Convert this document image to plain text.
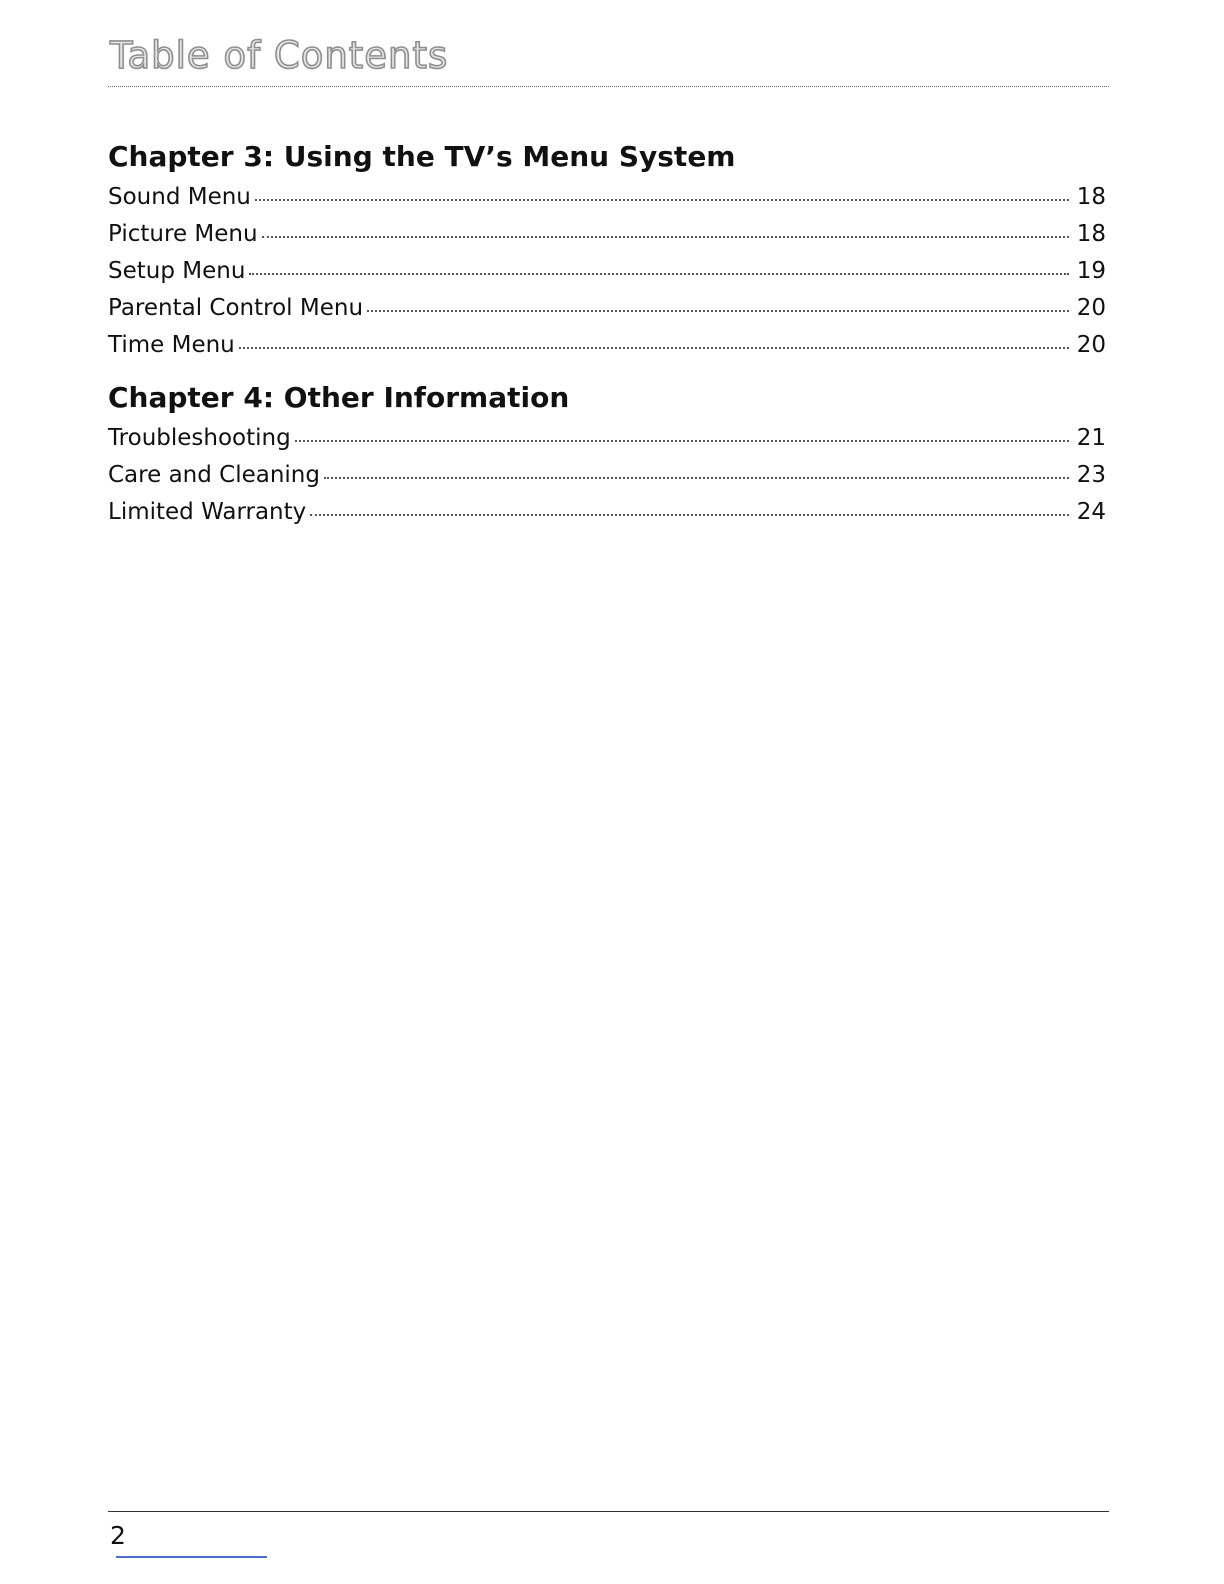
Table of Contents
Chapter 3: Using the TV’s Menu System
Sound Menu	18
Picture Menu	18
Setup Menu	19
Parental Control Menu	20
Time Menu	20
Chapter 4: Other Information
Troubleshooting	21
Care and Cleaning	23
Limited Warranty	24
2
